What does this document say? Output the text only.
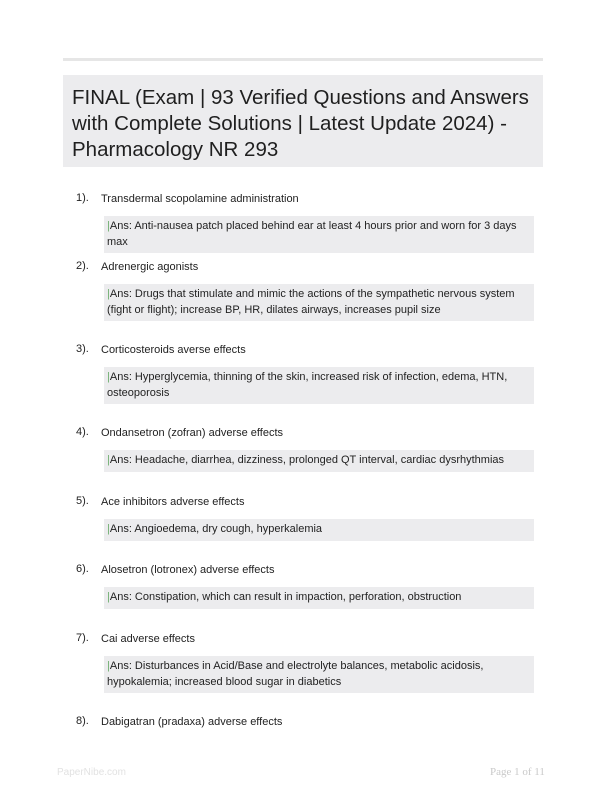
FINAL (Exam | 93 Verified Questions and Answers with Complete Solutions | Latest Update 2024) - Pharmacology NR 293
1). Transdermal scopolamine administration
|Ans: Anti-nausea patch placed behind ear at least 4 hours prior and worn for 3 days max
2). Adrenergic agonists
|Ans: Drugs that stimulate and mimic the actions of the sympathetic nervous system (fight or flight); increase BP, HR, dilates airways, increases pupil size
3). Corticosteroids averse effects
|Ans: Hyperglycemia, thinning of the skin, increased risk of infection, edema, HTN, osteoporosis
4). Ondansetron (zofran) adverse effects
|Ans: Headache, diarrhea, dizziness, prolonged QT interval, cardiac dysrhythmias
5). Ace inhibitors adverse effects
|Ans: Angioedema, dry cough, hyperkalemia
6). Alosetron (lotronex) adverse effects
|Ans: Constipation, which can result in impaction, perforation, obstruction
7). Cai adverse effects
|Ans: Disturbances in Acid/Base and electrolyte balances, metabolic acidosis, hypokalemia; increased blood sugar in diabetics
8). Dabigatran (pradaxa) adverse effects
PaperNibe.com	Page 1 of 11
